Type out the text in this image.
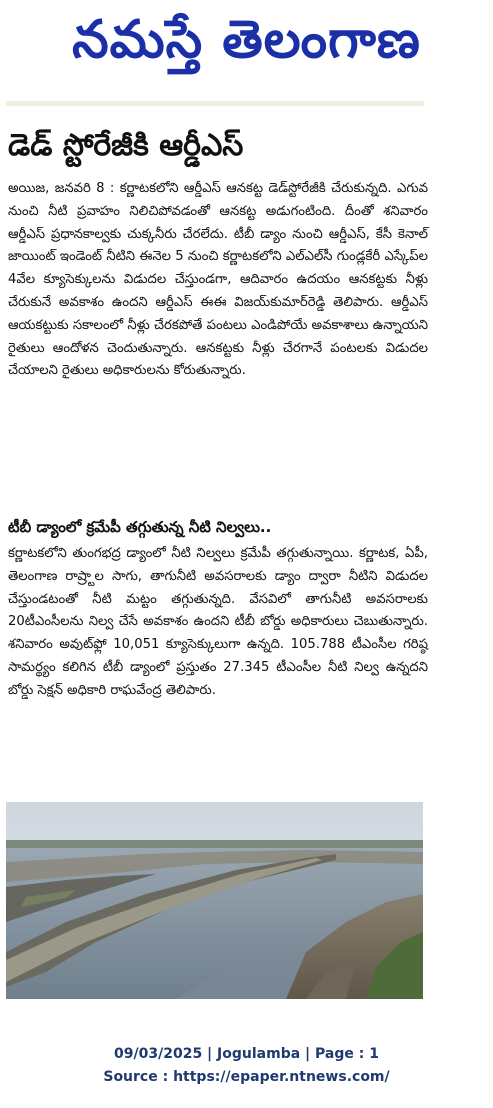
నమస్తే తెలంగాణ
డెడ్ స్టోరేజీకి ఆర్డీఎస్

అయిజ, జనవరి 8 : కర్ణాటకలోని ఆర్డీఎస్ ఆనకట్ట డెడ్‌స్టోరేజీకి చేరుకున్నది. ఎగువ నుంచి నీటి ప్రవాహం నిలిచిపోవడంతో ఆనకట్ట అడుగంటింది. దీంతో శనివారం ఆర్డీఎస్ ప్రధానకాల్వకు చుక్కనీరు చేరలేదు. టీబీ డ్యాం నుంచి ఆర్డీఎస్, కేసీ కెనాల్ జాయింట్ ఇండెంట్ నీటిని ఈనెల 5 నుంచి కర్ణాటకలోని ఎల్ఎల్‌సీ గుండ్లకేరీ ఎస్కేప్‌ల 4వేల క్యూసెక్కులను విడుదల చేస్తుండగా, ఆదివారం ఉదయం ఆనకట్టకు నీళ్లు చేరుకునే అవకాశం ఉందని ఆర్డీఎస్ ఈఈ విజయ్‌కుమార్‌రెడ్డి తెలిపారు. ఆర్డీఎస్ ఆయకట్టుకు సకాలంలో నీళ్లు చేరకపోతే పంటలు ఎండిపోయే అవకాశాలు ఉన్నాయని రైతులు ఆందోళన చెందుతున్నారు. ఆనకట్టకు నీళ్లు చేరగానే పంటలకు విడుదల చేయాలని రైతులు అధికారులను కోరుతున్నారు.

టీబీ డ్యాంలో క్రమేపీ తగ్గుతున్న నీటి నిల్వలు..

కర్ణాటకలోని తుంగభద్ర డ్యాంలో నీటి నిల్వలు క్రమేపీ తగ్గుతున్నాయి. కర్ణాటక, ఏపీ, తెలంగాణ రాష్ర్టాల సాగు, తాగునీటి అవసరాలకు డ్యాం ద్వారా నీటిని విడుదల చేస్తుండటంతో నీటి మట్టం తగ్గుతున్నది. వేసవిలో తాగునీటి అవసరాలకు 20టీఎంసీలను నిల్వ చేసే అవకాశం ఉందని టీబీ బోర్డు అధికారులు చెబుతున్నారు. శనివారం అవుట్‌ఫ్లో 10,051 క్యూసెక్కులుగా ఉన్నది. 105.788 టీఎంసీల గరిష్ఠ సామర్థ్యం కలిగిన టీబీ డ్యాంలో ప్రస్తుతం 27.345 టీఎంసీల నీటి నిల్వ ఉన్నదని బోర్డు సెక్షన్ అధికారి రాఘవేంద్ర తెలిపారు.

09/03/2025 | Jogulamba | Page : 1
Source : https://epaper.ntnews.com/
